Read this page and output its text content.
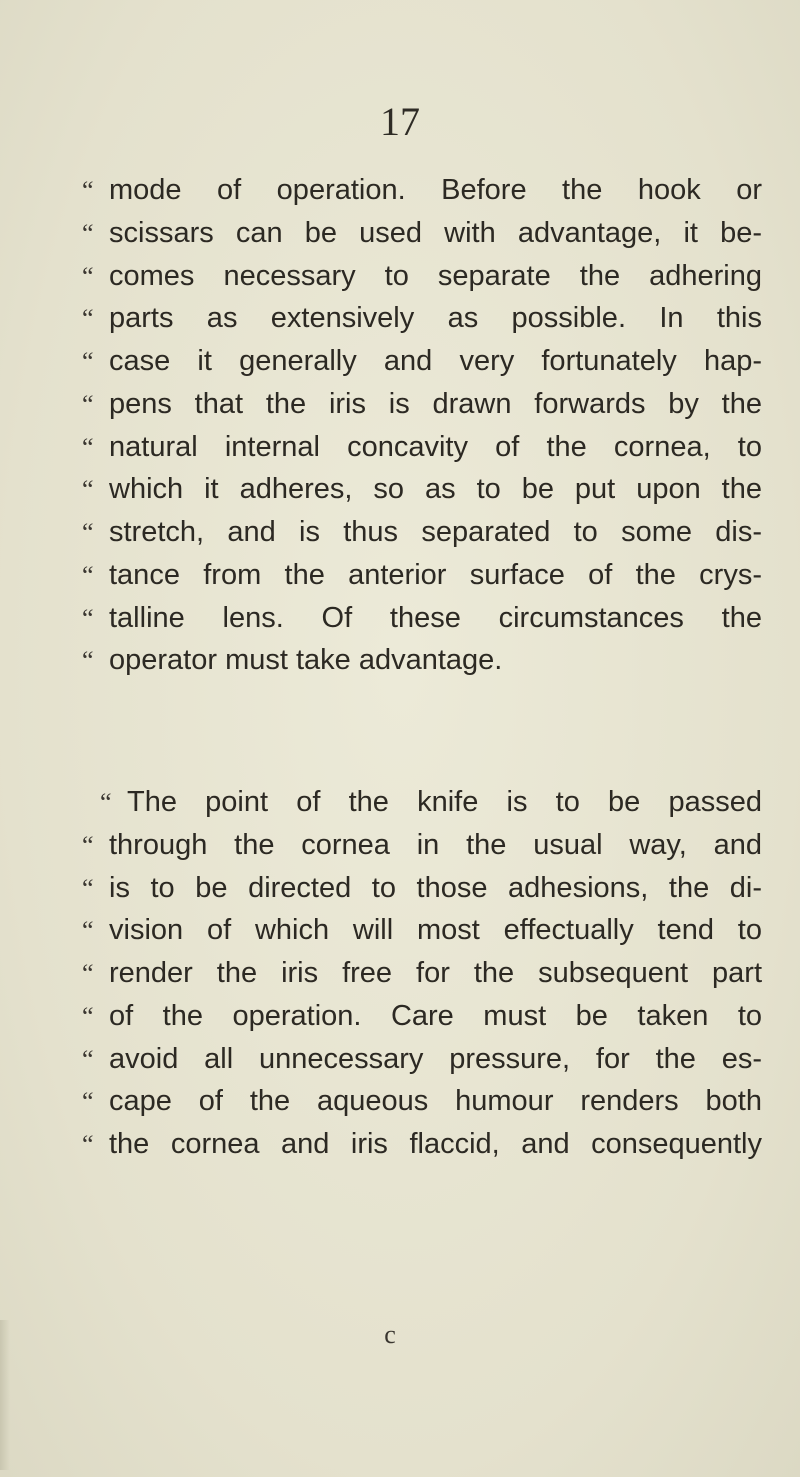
17
“ mode of operation. Before the hook or
“ scissars can be used with advantage, it be-
“ comes necessary to separate the adhering
“ parts as extensively as possible. In this
“ case it generally and very fortunately hap-
“ pens that the iris is drawn forwards by the
“ natural internal concavity of the cornea, to
“ which it adheres, so as to be put upon the
“ stretch, and is thus separated to some dis-
“ tance from the anterior surface of the crys-
“ talline lens. Of these circumstances the
“ operator must take advantage.
“ The point of the knife is to be passed
“ through the cornea in the usual way, and
“ is to be directed to those adhesions, the di-
“ vision of which will most effectually tend to
“ render the iris free for the subsequent part
“ of the operation. Care must be taken to
“ avoid all unnecessary pressure, for the es-
“ cape of the aqueous humour renders both
“ the cornea and iris flaccid, and consequently
c
